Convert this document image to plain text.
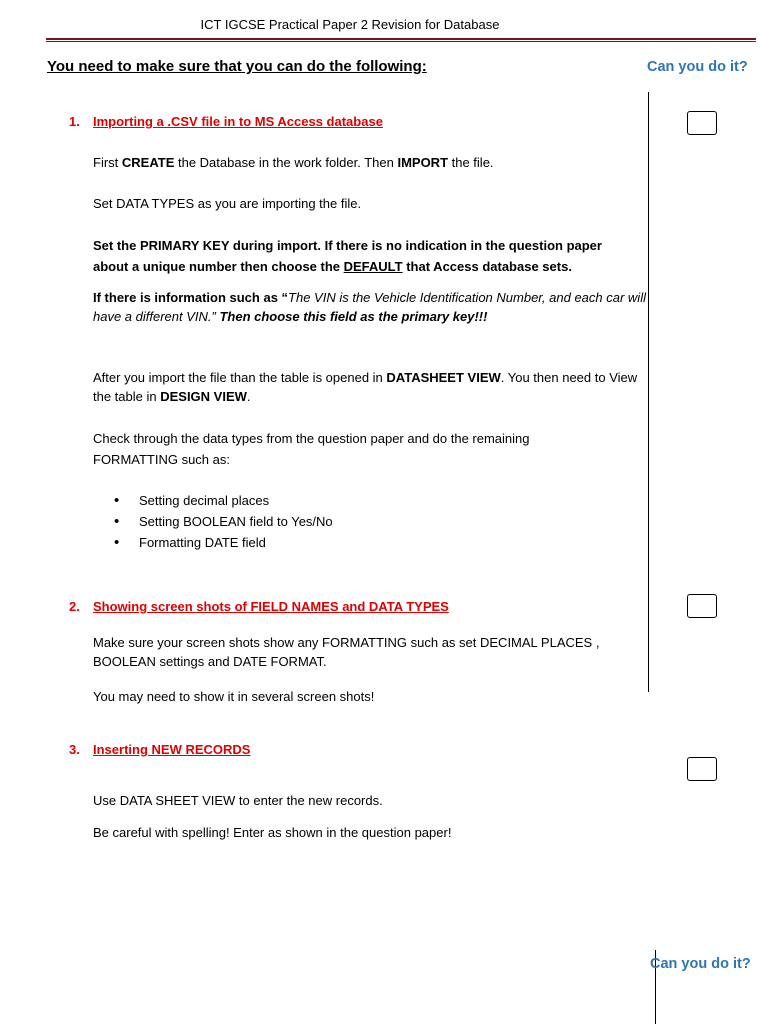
ICT IGCSE Practical Paper 2 Revision for Database
You need to make sure that you can do the following:	Can you do it?
1. Importing a .CSV file in to MS Access database
First CREATE the Database in the work folder. Then IMPORT the file.
Set DATA TYPES as you are importing the file.
Set the PRIMARY KEY during import. If there is no indication in the question paper about a unique number then choose the DEFAULT that Access database sets.
If there is information such as “The VIN is the Vehicle Identification Number, and each car will have a different VIN.” Then choose this field as the primary key!!!
After you import the file than the table is opened in DATASHEET VIEW. You then need to View the table in DESIGN VIEW.
Check through the data types from the question paper and do the remaining FORMATTING such as:
• Setting decimal places
• Setting BOOLEAN field to Yes/No
• Formatting DATE field
2. Showing screen shots of FIELD NAMES and DATA TYPES
Make sure your screen shots show any FORMATTING such as set DECIMAL PLACES , BOOLEAN settings and DATE FORMAT.
You may need to show it in several screen shots!
3. Inserting NEW RECORDS
Use DATA SHEET VIEW to enter the new records.
Be careful with spelling! Enter as shown in the question paper!
Can you do it?
